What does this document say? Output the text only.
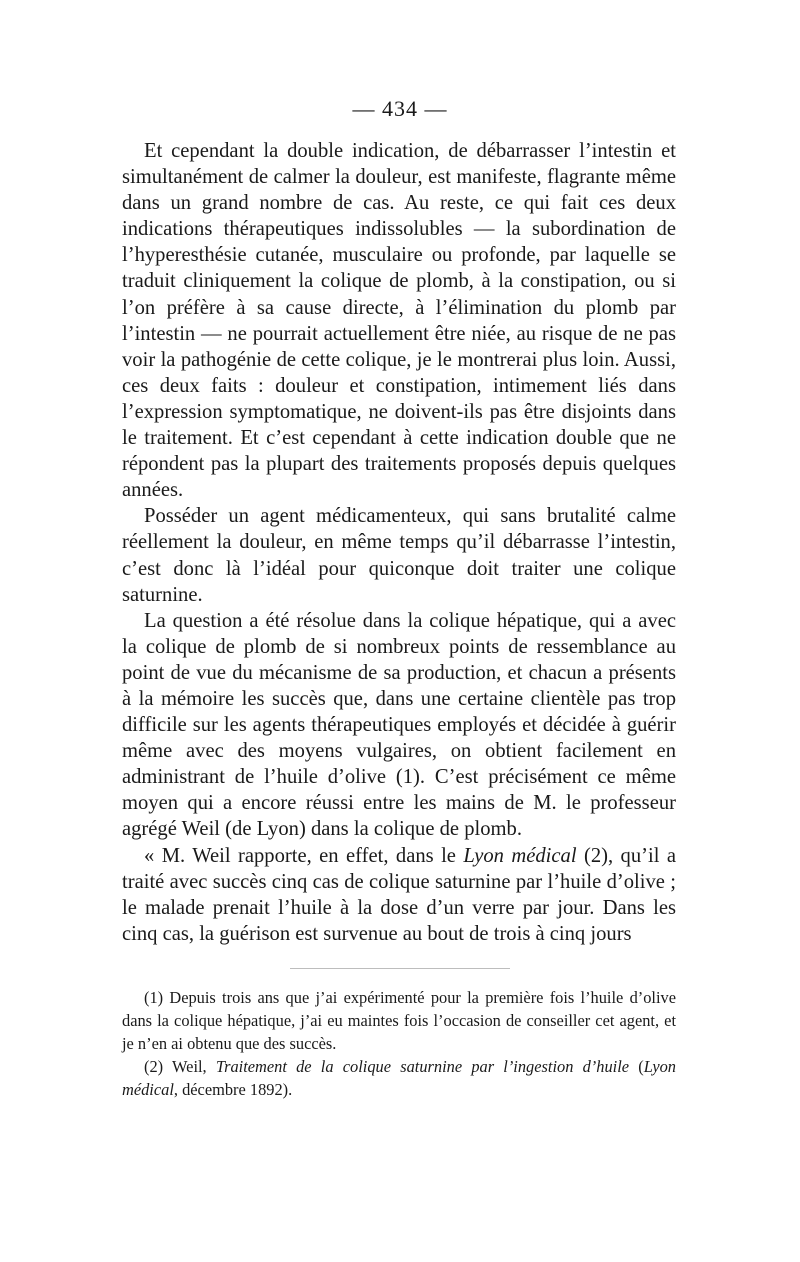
— 434 —

Et cependant la double indication, de débarrasser l’intestin et simultanément de calmer la douleur, est manifeste, flagrante même dans un grand nombre de cas. Au reste, ce qui fait ces deux indications thérapeutiques indissolubles — la subordination de l’hyperesthésie cutanée, musculaire ou profonde, par laquelle se traduit cliniquement la colique de plomb, à la constipation, ou si l’on préfère à sa cause directe, à l’élimination du plomb par l’intestin — ne pourrait actuellement être niée, au risque de ne pas voir la pathogénie de cette colique, je le montrerai plus loin. Aussi, ces deux faits : douleur et constipation, intimement liés dans l’expression symptomatique, ne doivent-ils pas être disjoints dans le traitement. Et c’est cependant à cette indication double que ne répondent pas la plupart des traitements proposés depuis quelques années.

Posséder un agent médicamenteux, qui sans brutalité calme réellement la douleur, en même temps qu’il débarrasse l’intestin, c’est donc là l’idéal pour quiconque doit traiter une colique saturnine.

La question a été résolue dans la colique hépatique, qui a avec la colique de plomb de si nombreux points de ressemblance au point de vue du mécanisme de sa production, et chacun a présents à la mémoire les succès que, dans une certaine clientèle pas trop difficile sur les agents thérapeutiques employés et décidée à guérir même avec des moyens vulgaires, on obtient facilement en administrant de l’huile d’olive (1). C’est précisément ce même moyen qui a encore réussi entre les mains de M. le professeur agrégé Weil (de Lyon) dans la colique de plomb.

« M. Weil rapporte, en effet, dans le Lyon médical (2), qu’il a traité avec succès cinq cas de colique saturnine par l’huile d’olive ; le malade prenait l’huile à la dose d’un verre par jour. Dans les cinq cas, la guérison est survenue au bout de trois à cinq jours

(1) Depuis trois ans que j’ai expérimenté pour la première fois l’huile d’olive dans la colique hépatique, j’ai eu maintes fois l’occasion de conseiller cet agent, et je n’en ai obtenu que des succès.

(2) Weil, Traitement de la colique saturnine par l’ingestion d’huile (Lyon médical, décembre 1892).
